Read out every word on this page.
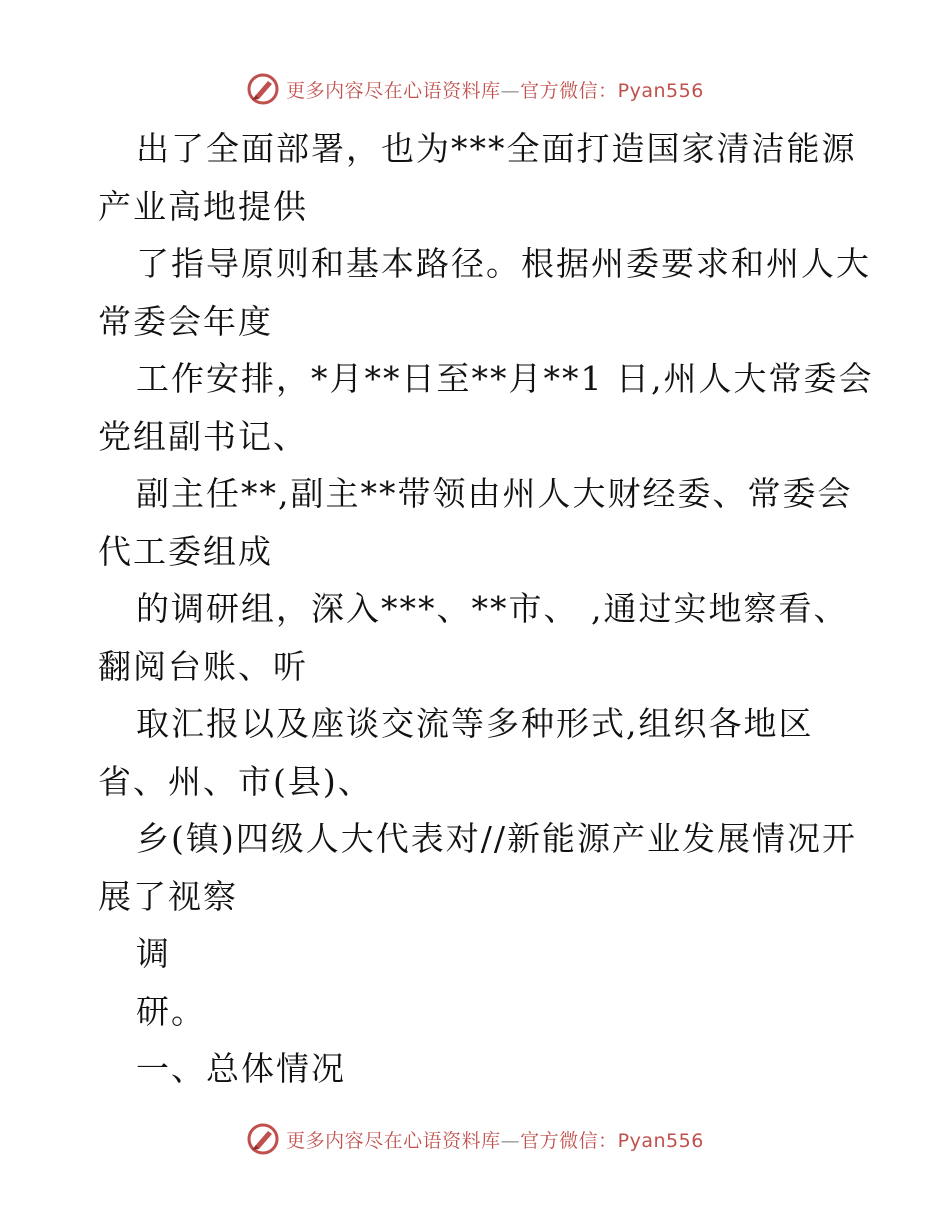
更多内容尽在心语资料库—官方微信：Pyan556
出了全面部署，也为***全面打造国家清洁能源
产业高地提供
了指导原则和基本路径。根据州委要求和州人大
常委会年度
工作安排，*月**日至**月**1 日,州人大常委会
党组副书记、
副主任**,副主**带领由州人大财经委、常委会
代工委组成
的调研组，深入***、**市、 ,通过实地察看、
翻阅台账、听
取汇报以及座谈交流等多种形式,组织各地区
省、州、市(县)、
乡(镇)四级人大代表对//新能源产业发展情况开
展了视察
调
研。
一、总体情况
更多内容尽在心语资料库—官方微信：Pyan556
